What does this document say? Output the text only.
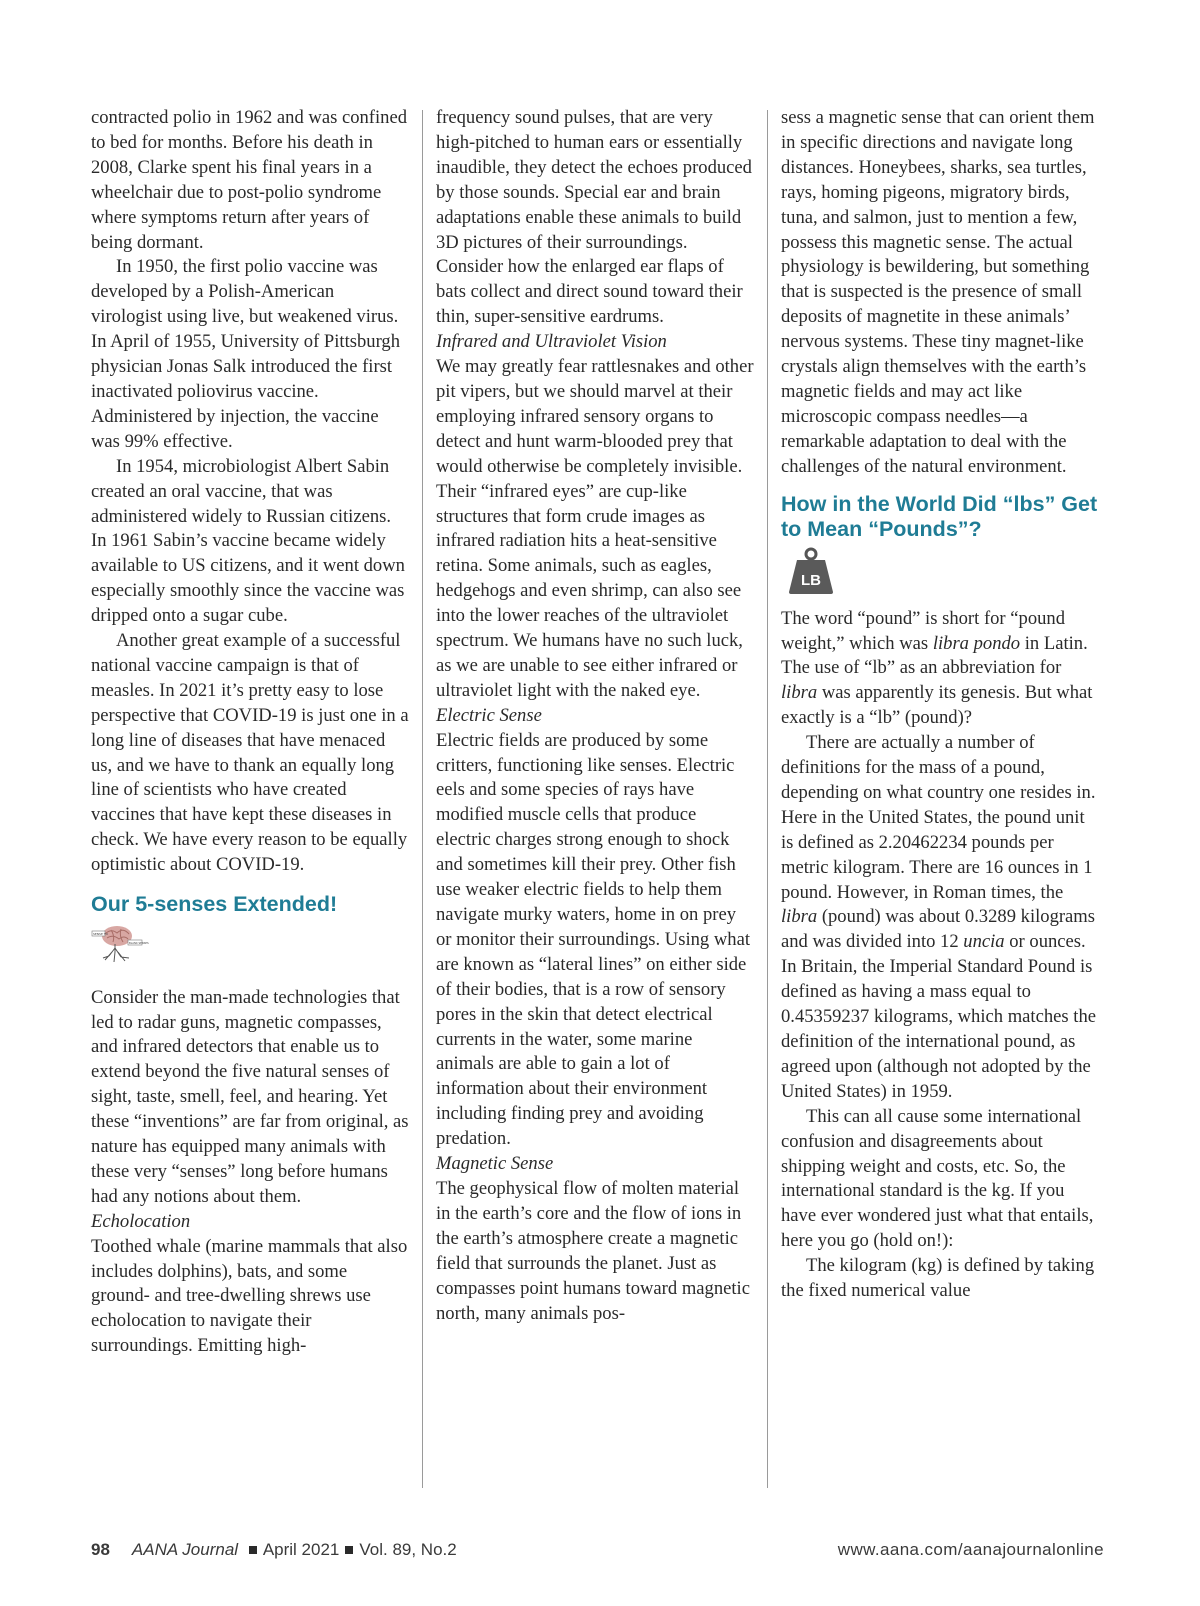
contracted polio in 1962 and was confined to bed for months. Before his death in 2008, Clarke spent his final years in a wheelchair due to post-polio syndrome where symptoms return after years of being dormant.

In 1950, the first polio vaccine was developed by a Polish-American virologist using live, but weakened virus. In April of 1955, University of Pittsburgh physician Jonas Salk introduced the first inactivated poliovirus vaccine. Administered by injection, the vaccine was 99% effective.

In 1954, microbiologist Albert Sabin created an oral vaccine, that was administered widely to Russian citizens. In 1961 Sabin’s vaccine became widely available to US citizens, and it went down especially smoothly since the vaccine was dripped onto a sugar cube.

Another great example of a successful national vaccine campaign is that of measles. In 2021 it’s pretty easy to lose perspective that COVID-19 is just one in a long line of diseases that have menaced us, and we have to thank an equally long line of scientists who have created vaccines that have kept these diseases in check. We have every reason to be equally optimistic about COVID-19.

Our 5-senses Extended!
SENSE TO
BLANK SENSES

Consider the man-made technologies that led to radar guns, magnetic compasses, and infrared detectors that enable us to extend beyond the five natural senses of sight, taste, smell, feel, and hearing. Yet these “inventions” are far from original, as nature has equipped many animals with these very “senses” long before humans had any notions about them.

Echolocation

Toothed whale (marine mammals that also includes dolphins), bats, and some ground- and tree-dwelling shrews use echolocation to navigate their surroundings. Emitting high-

frequency sound pulses, that are very high-pitched to human ears or essentially inaudible, they detect the echoes produced by those sounds. Special ear and brain adaptations enable these animals to build 3D pictures of their surroundings. Consider how the enlarged ear flaps of bats collect and direct sound toward their thin, super-sensitive eardrums.

Infrared and Ultraviolet Vision

We may greatly fear rattlesnakes and other pit vipers, but we should marvel at their employing infrared sensory organs to detect and hunt warm-blooded prey that would otherwise be completely invisible. Their “infrared eyes” are cup-like structures that form crude images as infrared radiation hits a heat-sensitive retina. Some animals, such as eagles, hedgehogs and even shrimp, can also see into the lower reaches of the ultraviolet spectrum. We humans have no such luck, as we are unable to see either infrared or ultraviolet light with the naked eye.

Electric Sense

Electric fields are produced by some critters, functioning like senses. Electric eels and some species of rays have modified muscle cells that produce electric charges strong enough to shock and sometimes kill their prey. Other fish use weaker electric fields to help them navigate murky waters, home in on prey or monitor their surroundings. Using what are known as “lateral lines” on either side of their bodies, that is a row of sensory pores in the skin that detect electrical currents in the water, some marine animals are able to gain a lot of information about their environment including finding prey and avoiding predation.

Magnetic Sense

The geophysical flow of molten material in the earth’s core and the flow of ions in the earth’s atmosphere create a magnetic field that surrounds the planet. Just as compasses point humans toward magnetic north, many animals pos-

sess a magnetic sense that can orient them in specific directions and navigate long distances. Honeybees, sharks, sea turtles, rays, homing pigeons, migratory birds, tuna, and salmon, just to mention a few, possess this magnetic sense. The actual physiology is bewildering, but something that is suspected is the presence of small deposits of magnetite in these animals’ nervous systems. These tiny magnet-like crystals align themselves with the earth’s magnetic fields and may act like microscopic compass needles—a remarkable adaptation to deal with the challenges of the natural environment.

How in the World Did “lbs” Get to Mean “Pounds”?
LB

The word “pound” is short for “pound weight,” which was libra pondo in Latin. The use of “lb” as an abbreviation for libra was apparently its genesis. But what exactly is a “lb” (pound)?

There are actually a number of definitions for the mass of a pound, depending on what country one resides in. Here in the United States, the pound unit is defined as 2.20462234 pounds per metric kilogram. There are 16 ounces in 1 pound. However, in Roman times, the libra (pound) was about 0.3289 kilograms and was divided into 12 uncia or ounces. In Britain, the Imperial Standard Pound is defined as having a mass equal to 0.45359237 kilograms, which matches the definition of the international pound, as agreed upon (although not adopted by the United States) in 1959.

This can all cause some international confusion and disagreements about shipping weight and costs, etc. So, the international standard is the kg. If you have ever wondered just what that entails, here you go (hold on!):

The kilogram (kg) is defined by taking the fixed numerical value

98 AANA Journal April 2021 Vol. 89, No.2	www.aana.com/aanajournalonline
